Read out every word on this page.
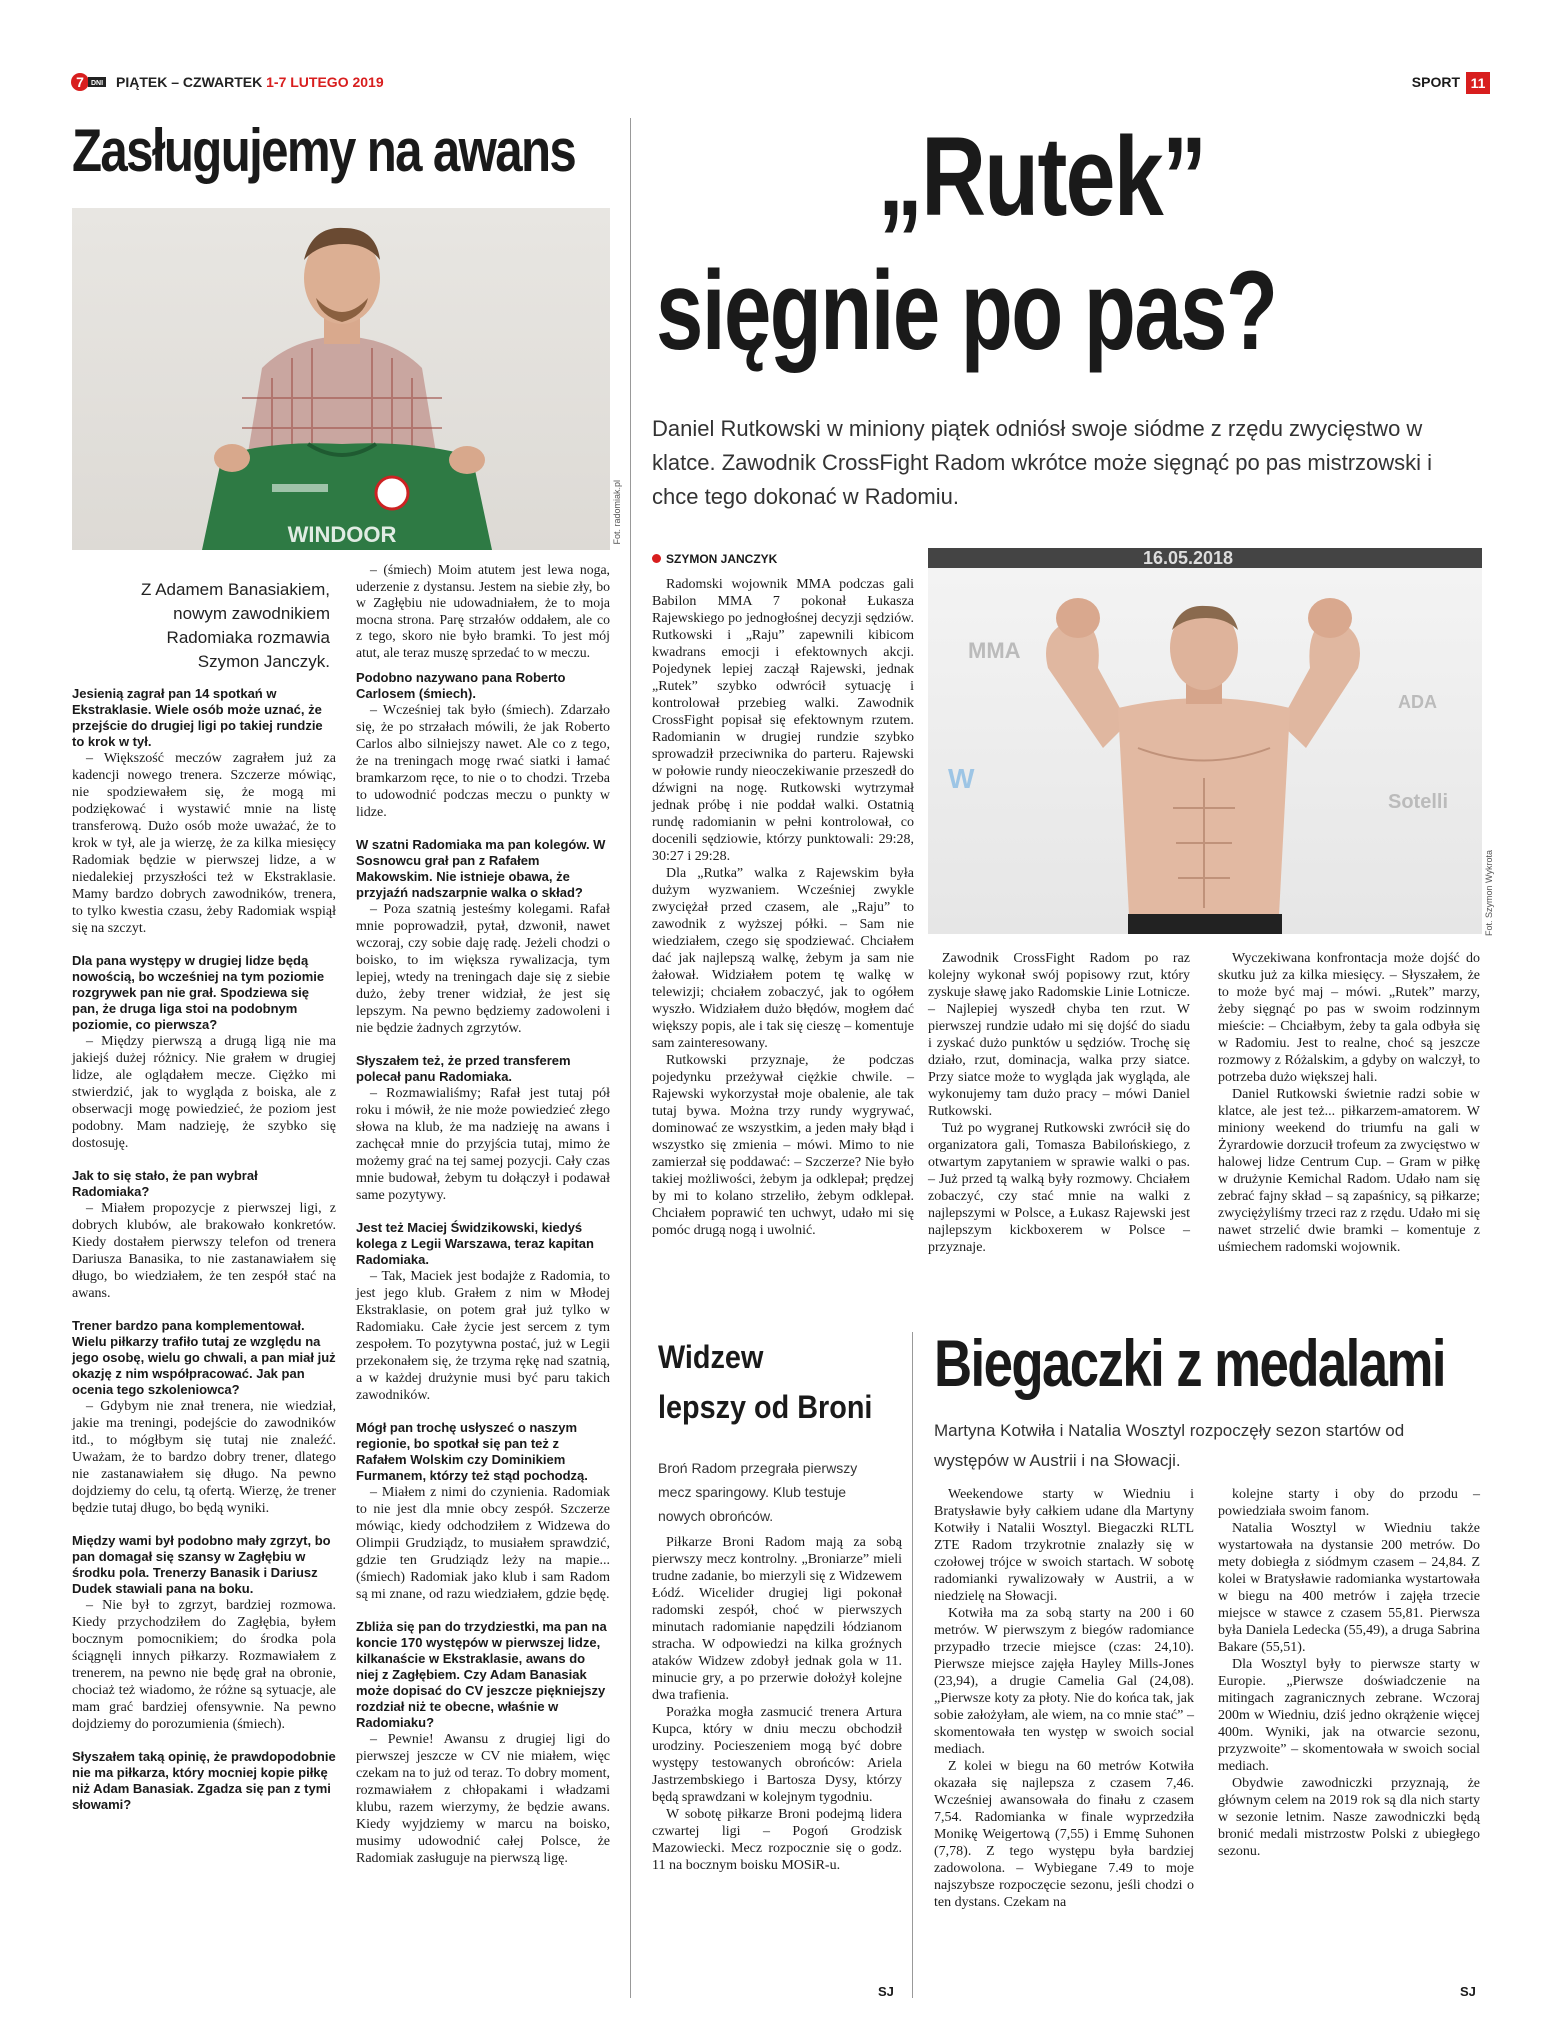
7 DNI PIĄTEK – CZWARTEK 1-7 LUTEGO 2019	SPORT 11
Zasługujemy na awans
WINDOOR	Fot. radomiak.pl
Z Adamem Banasiakiem, nowym zawodnikiem Radomiaka rozmawia Szymon Janczyk.

Jesienią zagrał pan 14 spotkań w Ekstraklasie. Wiele osób może uznać, że przejście do drugiej ligi po takiej rundzie to krok w tył.

– Większość meczów zagrałem już za kadencji nowego trenera. Szczerze mówiąc, nie spodziewałem się, że mogą mi podziękować i wystawić mnie na listę transferową. Dużo osób może uważać, że to krok w tył, ale ja wierzę, że za kilka miesięcy Radomiak będzie w pierwszej lidze, a w niedalekiej przyszłości też w Ekstraklasie. Mamy bardzo dobrych zawodników, trenera, to tylko kwestia czasu, żeby Radomiak wspiął się na szczyt.

Dla pana występy w drugiej lidze będą nowością, bo wcześniej na tym poziomie rozgrywek pan nie grał. Spodziewa się pan, że druga liga stoi na podobnym poziomie, co pierwsza?

– Między pierwszą a drugą ligą nie ma jakiejś dużej różnicy. Nie grałem w drugiej lidze, ale oglądałem mecze. Ciężko mi stwierdzić, jak to wygląda z boiska, ale z obserwacji mogę powiedzieć, że poziom jest podobny. Mam nadzieję, że szybko się dostosuję.

Jak to się stało, że pan wybrał Radomiaka?

– Miałem propozycje z pierwszej ligi, z dobrych klubów, ale brakowało konkretów. Kiedy dostałem pierwszy telefon od trenera Dariusza Banasika, to nie zastanawiałem się długo, bo wiedziałem, że ten zespół stać na awans.

Trener bardzo pana komplementował. Wielu piłkarzy trafiło tutaj ze względu na jego osobę, wielu go chwali, a pan miał już okazję z nim współpracować. Jak pan ocenia tego szkoleniowca?

– Gdybym nie znał trenera, nie wiedział, jakie ma treningi, podejście do zawodników itd., to mógłbym się tutaj nie znaleźć. Uważam, że to bardzo dobry trener, dlatego nie zastanawiałem się długo. Na pewno dojdziemy do celu, tą ofertą. Wierzę, że trener będzie tutaj długo, bo będą wyniki.

Między wami był podobno mały zgrzyt, bo pan domagał się szansy w Zagłębiu w środku pola. Trenerzy Banasik i Dariusz Dudek stawiali pana na boku.

– Nie był to zgrzyt, bardziej rozmowa. Kiedy przychodziłem do Zagłębia, byłem bocznym pomocnikiem; do środka pola ściągnęli innych piłkarzy. Rozmawiałem z trenerem, na pewno nie będę grał na obronie, chociaż też wiadomo, że różne są sytuacje, ale mam grać bardziej ofensywnie. Na pewno dojdziemy do porozumienia (śmiech).

Słyszałem taką opinię, że prawdopodobnie nie ma piłkarza, który mocniej kopie piłkę niż Adam Banasiak. Zgadza się pan z tymi słowami?

– (śmiech) Moim atutem jest lewa noga, uderzenie z dystansu. Jestem na siebie zły, bo w Zagłębiu nie udowadniałem, że to moja mocna strona. Parę strzałów oddałem, ale co z tego, skoro nie było bramki. To jest mój atut, ale teraz muszę sprzedać to w meczu.

Podobno nazywano pana Roberto Carlosem (śmiech).

– Wcześniej tak było (śmiech). Zdarzało się, że po strzałach mówili, że jak Roberto Carlos albo silniejszy nawet. Ale co z tego, że na treningach mogę rwać siatki i łamać bramkarzom ręce, to nie o to chodzi. Trzeba to udowodnić podczas meczu o punkty w lidze.

W szatni Radomiaka ma pan kolegów. W Sosnowcu grał pan z Rafałem Makowskim. Nie istnieje obawa, że przyjaźń nadszarpnie walka o skład?

– Poza szatnią jesteśmy kolegami. Rafał mnie poprowadził, pytał, dzwonił, nawet wczoraj, czy sobie daję radę. Jeżeli chodzi o boisko, to im większa rywalizacja, tym lepiej, wtedy na treningach daje się z siebie dużo, żeby trener widział, że jest się lepszym. Na pewno będziemy zadowoleni i nie będzie żadnych zgrzytów.

Słyszałem też, że przed transferem polecał panu Radomiaka.

– Rozmawialiśmy; Rafał jest tutaj pół roku i mówił, że nie może powiedzieć złego słowa na klub, że ma nadzieję na awans i zachęcał mnie do przyjścia tutaj, mimo że możemy grać na tej samej pozycji. Cały czas mnie budował, żebym tu dołączył i podawał same pozytywy.

Jest też Maciej Świdzikowski, kiedyś kolega z Legii Warszawa, teraz kapitan Radomiaka.

– Tak, Maciek jest bodajże z Radomia, to jest jego klub. Grałem z nim w Młodej Ekstraklasie, on potem grał już tylko w Radomiaku. Całe życie jest sercem z tym zespołem. To pozytywna postać, już w Legii przekonałem się, że trzyma rękę nad szatnią, a w każdej drużynie musi być paru takich zawodników.

Mógł pan trochę usłyszeć o naszym regionie, bo spotkał się pan też z Rafałem Wolskim czy Dominikiem Furmanem, którzy też stąd pochodzą.

– Miałem z nimi do czynienia. Radomiak to nie jest dla mnie obcy zespół. Szczerze mówiąc, kiedy odchodziłem z Widzewa do Olimpii Grudziądz, to musiałem sprawdzić, gdzie ten Grudziądz leży na mapie... (śmiech) Radomiak jako klub i sam Radom są mi znane, od razu wiedziałem, gdzie będę.

Zbliża się pan do trzydziestki, ma pan na koncie 170 występów w pierwszej lidze, kilkanaście w Ekstraklasie, awans do niej z Zagłębiem. Czy Adam Banasiak może dopisać do CV jeszcze piękniejszy rozdział niż te obecne, właśnie w Radomiaku?

– Pewnie! Awansu z drugiej ligi do pierwszej jeszcze w CV nie miałem, więc czekam na to już od teraz. To dobry moment, rozmawiałem z chłopakami i władzami klubu, razem wierzymy, że będzie awans. Kiedy wyjdziemy w marcu na boisko, musimy udowodnić całej Polsce, że Radomiak zasługuje na pierwszą ligę.

„Rutek”
sięgnie po pas?
Daniel Rutkowski w miniony piątek odniósł swoje siódme z rzędu zwycięstwo w klatce. Zawodnik CrossFight Radom wkrótce może sięgnąć po pas mistrzowski i chce tego dokonać w Radomiu.
SZYMON JANCZYK

Radomski wojownik MMA podczas gali Babilon MMA 7 pokonał Łukasza Rajewskiego po jednogłośnej decyzji sędziów. Rutkowski i „Raju” zapewnili kibicom kwadrans emocji i efektownych akcji. Pojedynek lepiej zaczął Rajewski, jednak „Rutek” szybko odwrócił sytuację i kontrolował przebieg walki. Zawodnik CrossFight popisał się efektownym rzutem. Radomianin w drugiej rundzie szybko sprowadził przeciwnika do parteru. Rajewski w połowie rundy nieoczekiwanie przeszedł do dźwigni na nogę. Rutkowski wytrzymał jednak próbę i nie poddał walki. Ostatnią rundę radomianin w pełni kontrolował, co docenili sędziowie, którzy punktowali: 29:28, 30:27 i 29:28.

Dla „Rutka” walka z Rajewskim była dużym wyzwaniem. Wcześniej zwykle zwyciężał przed czasem, ale „Raju” to zawodnik z wyższej półki. – Sam nie wiedziałem, czego się spodziewać. Chciałem dać jak najlepszą walkę, żebym ja sam nie żałował. Widziałem potem tę walkę w telewizji; chciałem zobaczyć, jak to ogółem wyszło. Widziałem dużo błędów, mogłem dać większy popis, ale i tak się cieszę – komentuje sam zainteresowany.

Rutkowski przyznaje, że podczas pojedynku przeżywał ciężkie chwile. – Rajewski wykorzystał moje obalenie, ale tak tutaj bywa. Można trzy rundy wygrywać, dominować ze wszystkim, a jeden mały błąd i wszystko się zmienia – mówi. Mimo to nie zamierzał się poddawać: – Szczerze? Nie było takiej możliwości, żebym ja odklepał; prędzej by mi to kolano strzeliło, żebym odklepał. Chciałem poprawić ten uchwyt, udało mi się pomóc drugą nogą i uwolnić.

16.05.2018
MMA
W
Sotelli
ADA
Fot. Szymon Wykrota

Zawodnik CrossFight Radom po raz kolejny wykonał swój popisowy rzut, który zyskuje sławę jako Radomskie Linie Lotnicze. – Najlepiej wyszedł chyba ten rzut. W pierwszej rundzie udało mi się dojść do siadu i zyskać dużo punktów u sędziów. Trochę się działo, rzut, dominacja, walka przy siatce. Przy siatce może to wygląda jak wygląda, ale wykonujemy tam dużo pracy – mówi Daniel Rutkowski.

Tuż po wygranej Rutkowski zwrócił się do organizatora gali, Tomasza Babilońskiego, z otwartym zapytaniem w sprawie walki o pas. – Już przed tą walką były rozmowy. Chciałem zobaczyć, czy stać mnie na walki z najlepszymi w Polsce, a Łukasz Rajewski jest najlepszym kickboxerem w Polsce – przyznaje.

Wyczekiwana konfrontacja może dojść do skutku już za kilka miesięcy. – Słyszałem, że to może być maj – mówi. „Rutek” marzy, żeby sięgnąć po pas w swoim rodzinnym mieście: – Chciałbym, żeby ta gala odbyła się w Radomiu. Jest to realne, choć są jeszcze rozmowy z Różalskim, a gdyby on walczył, to potrzeba dużo większej hali.

Daniel Rutkowski świetnie radzi sobie w klatce, ale jest też... piłkarzem-amatorem. W miniony weekend do triumfu na gali w Żyrardowie dorzucił trofeum za zwycięstwo w halowej lidze Centrum Cup. – Gram w piłkę w drużynie Kemichal Radom. Udało nam się zebrać fajny skład – są zapaśnicy, są piłkarze; zwyciężyliśmy trzeci raz z rzędu. Udało mi się nawet strzelić dwie bramki – komentuje z uśmiechem radomski wojownik.

Widzew
lepszy od Broni
Broń Radom przegrała pierwszy mecz sparingowy. Klub testuje nowych obrońców.

Piłkarze Broni Radom mają za sobą pierwszy mecz kontrolny. „Broniarze” mieli trudne zadanie, bo mierzyli się z Widzewem Łódź. Wicelider drugiej ligi pokonał radomski zespół, choć w pierwszych minutach radomianie napędzili łódzianom stracha. W odpowiedzi na kilka groźnych ataków Widzew zdobył jednak gola w 11. minucie gry, a po przerwie dołożył kolejne dwa trafienia.

Porażka mogła zasmucić trenera Artura Kupca, który w dniu meczu obchodził urodziny. Pocieszeniem mogą być dobre występy testowanych obrońców: Ariela Jastrzembskiego i Bartosza Dysy, którzy będą sprawdzani w kolejnym tygodniu.

W sobotę piłkarze Broni podejmą lidera czwartej ligi – Pogoń Grodzisk Mazowiecki. Mecz rozpocznie się o godz. 11 na bocznym boisku MOSiR-u.

SJ
Biegaczki z medalami
Martyna Kotwiła i Natalia Wosztyl rozpoczęły sezon startów od występów w Austrii i na Słowacji.

Weekendowe starty w Wiedniu i Bratysławie były całkiem udane dla Martyny Kotwiły i Natalii Wosztyl. Biegaczki RLTL ZTE Radom trzykrotnie znalazły się w czołowej trójce w swoich startach. W sobotę radomianki rywalizowały w Austrii, a w niedzielę na Słowacji.

Kotwiła ma za sobą starty na 200 i 60 metrów. W pierwszym z biegów radomiance przypadło trzecie miejsce (czas: 24,10). Pierwsze miejsce zajęła Hayley Mills-Jones (23,94), a drugie Camelia Gal (24,08). „Pierwsze koty za płoty. Nie do końca tak, jak sobie założyłam, ale wiem, na co mnie stać” – skomentowała ten występ w swoich social mediach.

Z kolei w biegu na 60 metrów Kotwiła okazała się najlepsza z czasem 7,46. Wcześniej awansowała do finału z czasem 7,54. Radomianka w finale wyprzedziła Monikę Weigertową (7,55) i Emmę Suhonen (7,78). Z tego występu była bardziej zadowolona. – Wybiegane 7.49 to moje najszybsze rozpoczęcie sezonu, jeśli chodzi o ten dystans. Czekam na

kolejne starty i oby do przodu – powiedziała swoim fanom.

Natalia Wosztyl w Wiedniu także wystartowała na dystansie 200 metrów. Do mety dobiegła z siódmym czasem – 24,84. Z kolei w Bratysławie radomianka wystartowała w biegu na 400 metrów i zajęła trzecie miejsce w stawce z czasem 55,81. Pierwsza była Daniela Ledecka (55,49), a druga Sabrina Bakare (55,51).

Dla Wosztyl były to pierwsze starty w Europie. „Pierwsze doświadczenie na mitingach zagranicznych zebrane. Wczoraj 200m w Wiedniu, dziś jedno okrążenie więcej 400m. Wyniki, jak na otwarcie sezonu, przyzwoite” – skomentowała w swoich social mediach.

Obydwie zawodniczki przyznają, że głównym celem na 2019 rok są dla nich starty w sezonie letnim. Nasze zawodniczki będą bronić medali mistrzostw Polski z ubiegłego sezonu.

SJ
